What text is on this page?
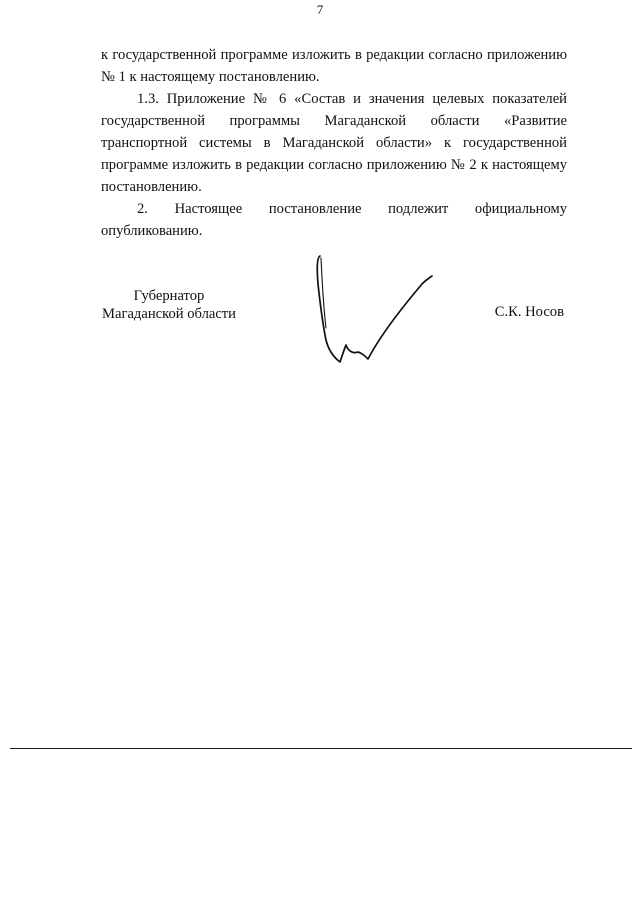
7
к государственной программе изложить в редакции согласно приложению
№ 1 к настоящему постановлению.
1.3. Приложение № 6 «Состав и значения целевых показателей
государственной программы Магаданской области «Развитие
транспортной системы в Магаданской области» к государственной
программе изложить в редакции согласно приложению № 2 к настоящему
постановлению.
2. Настоящее постановление подлежит официальному
опубликованию.
Губернатор
Магаданской области	С.К. Носов
